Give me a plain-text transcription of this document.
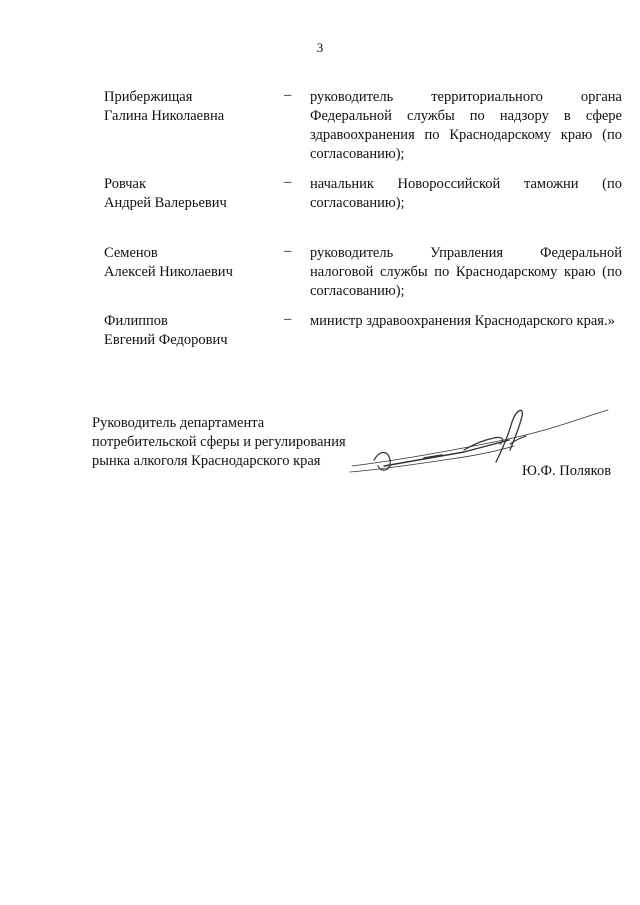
3
Прибержищая
Галина Николаевна
–	руководитель территориального органа Федеральной службы по надзору в сфере здравоохранения по Краснодарскому краю (по согласованию);
Ровчак
Андрей Валерьевич
–	начальник Новороссийской таможни (по согласованию);
Семенов
Алексей Николаевич
–	руководитель Управления Федеральной налоговой службы по Краснодарскому краю (по согласованию);
Филиппов
Евгений Федорович
–	министр здравоохранения Краснодарского края.»
Руководитель департамента
потребительской сферы и регулирования
рынка алкоголя Краснодарского края
Ю.Ф. Поляков
